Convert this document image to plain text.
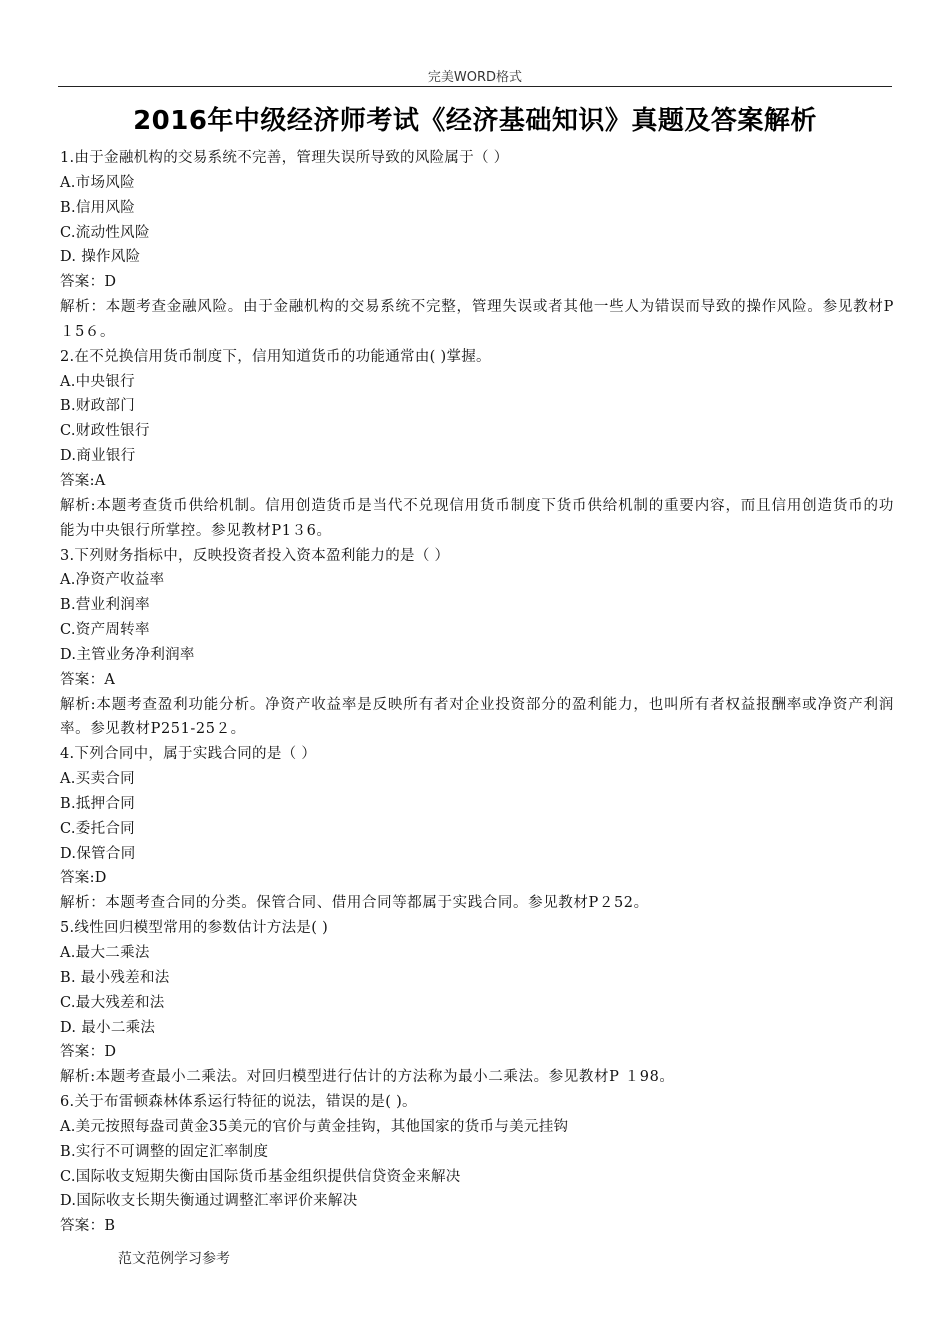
完美WORD格式
2016年中级经济师考试《经济基础知识》真题及答案解析
1.由于金融机构的交易系统不完善，管理失误所导致的风险属于（ ）
A.市场风险
B.信用风险
C.流动性风险
D. 操作风险
答案：D
解析：本题考查金融风险。由于金融机构的交易系统不完整，管理失误或者其他一些人为错误而导致的操作风险。参见教材P１5６。
2.在不兑换信用货币制度下，信用知道货币的功能通常由( )掌握。
A.中央银行
B.财政部门
C.财政性银行
D.商业银行
答案:A
解析:本题考查货币供给机制。信用创造货币是当代不兑现信用货币制度下货币供给机制的重要内容，而且信用创造货币的功能为中央银行所掌控。参见教材P1３6。
3.下列财务指标中，反映投资者投入资本盈利能力的是（ ）
A.净资产收益率
B.营业利润率
C.资产周转率
D.主管业务净利润率
答案：A
解析:本题考查盈利功能分析。净资产收益率是反映所有者对企业投资部分的盈利能力，也叫所有者权益报酬率或净资产利润率。参见教材P251-25２。
4.下列合同中，属于实践合同的是（ ）
A.买卖合同
B.抵押合同
C.委托合同
D.保管合同
答案:D
解析：本题考查合同的分类。保管合同、借用合同等都属于实践合同。参见教材P２52。
5.线性回归模型常用的参数估计方法是( )
A.最大二乘法
B. 最小残差和法
C.最大残差和法
D. 最小二乘法
答案：D
解析:本题考查最小二乘法。对回归模型进行估计的方法称为最小二乘法。参见教材P １98。
6.关于布雷顿森林体系运行特征的说法，错误的是( )。
A.美元按照每盎司黄金35美元的官价与黄金挂钩，其他国家的货币与美元挂钩
B.实行不可调整的固定汇率制度
C.国际收支短期失衡由国际货币基金组织提供信贷资金来解决
D.国际收支长期失衡通过调整汇率评价来解决
答案：B
范文范例学习参考
